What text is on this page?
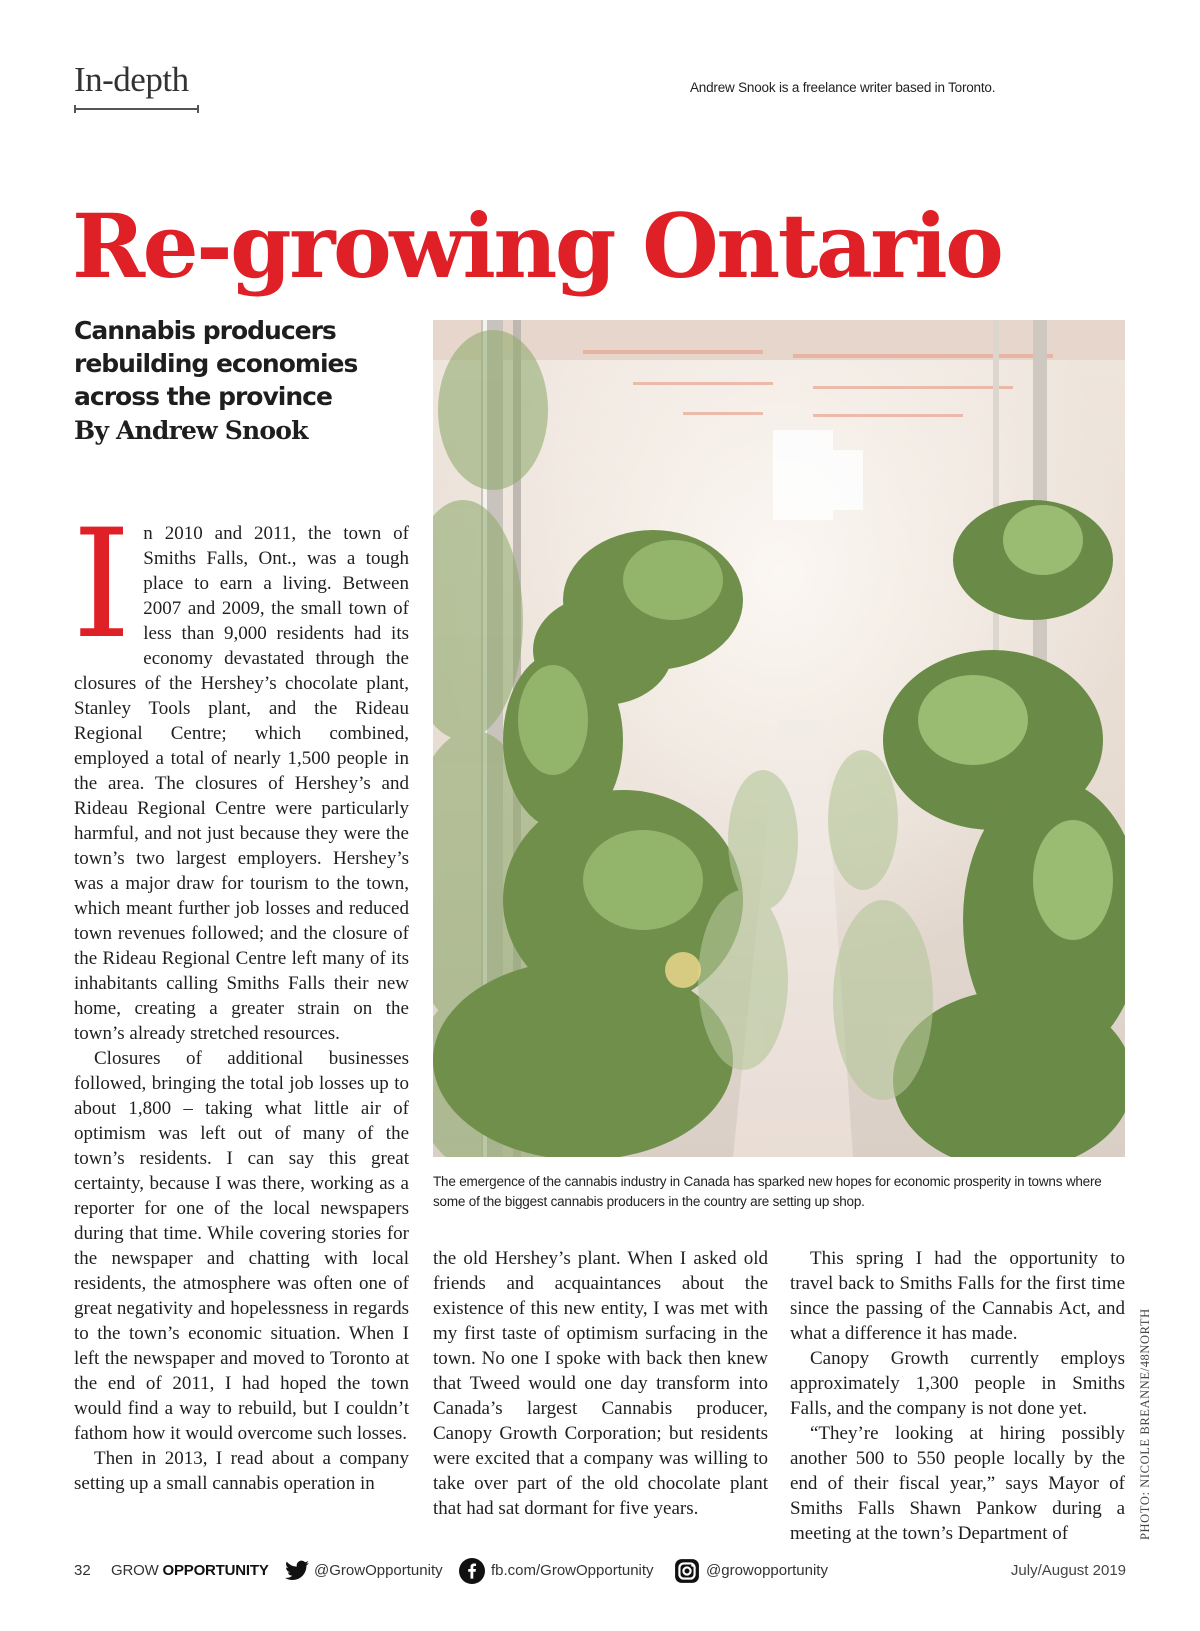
In-depth	Andrew Snook is a freelance writer based in Toronto.
Re-growing Ontario
Cannabis producers rebuilding economies across the province
By Andrew Snook
PHOTO: NICOLE BREANNE/48NORTH
The emergence of the cannabis industry in Canada has sparked new hopes for economic prosperity in towns where some of the biggest cannabis producers in the country are setting up shop.
I n 2010 and 2011, the town of Smiths Falls, Ont., was a tough place to earn a living. Between 2007 and 2009, the small town of less than 9,000 residents had its economy devastated through the closures of the Hershey’s chocolate plant, Stanley Tools plant, and the Rideau Regional Centre; which combined, employed a total of nearly 1,500 people in the area. The closures of Hershey’s and Rideau Regional Centre were particularly harmful, and not just because they were the town’s two largest employers. Hershey’s was a major draw for tourism to the town, which meant further job losses and reduced town revenues followed; and the closure of the Rideau Regional Centre left many of its inhabitants calling Smiths Falls their new home, creating a greater strain on the town’s already stretched resources.

Closures of additional businesses followed, bringing the total job losses up to about 1,800 – taking what little air of optimism was left out of many of the town’s residents. I can say this great certainty, because I was there, working as a reporter for one of the local newspapers during that time. While covering stories for the newspaper and chatting with local residents, the atmosphere was often one of great negativity and hopelessness in regards to the town’s economic situation. When I left the newspaper and moved to Toronto at the end of 2011, I had hoped the town would find a way to rebuild, but I couldn’t fathom how it would overcome such losses.

Then in 2013, I read about a company setting up a small cannabis operation in

the old Hershey’s plant. When I asked old friends and acquaintances about the existence of this new entity, I was met with my first taste of optimism surfacing in the town. No one I spoke with back then knew that Tweed would one day transform into Canada’s largest Cannabis producer, Canopy Growth Corporation; but residents were excited that a company was willing to take over part of the old chocolate plant that had sat dormant for five years.

This spring I had the opportunity to travel back to Smiths Falls for the first time since the passing of the Cannabis Act, and what a difference it has made.

Canopy Growth currently employs approximately 1,300 people in Smiths Falls, and the company is not done yet.

“They’re looking at hiring possibly another 500 to 550 people locally by the end of their fiscal year,” says Mayor of Smiths Falls Shawn Pankow during a meeting at the town’s Department of

32 GROW OPPORTUNITY	@GrowOpportunity	fb.com/GrowOpportunity	@growopportunity	July/August 2019
